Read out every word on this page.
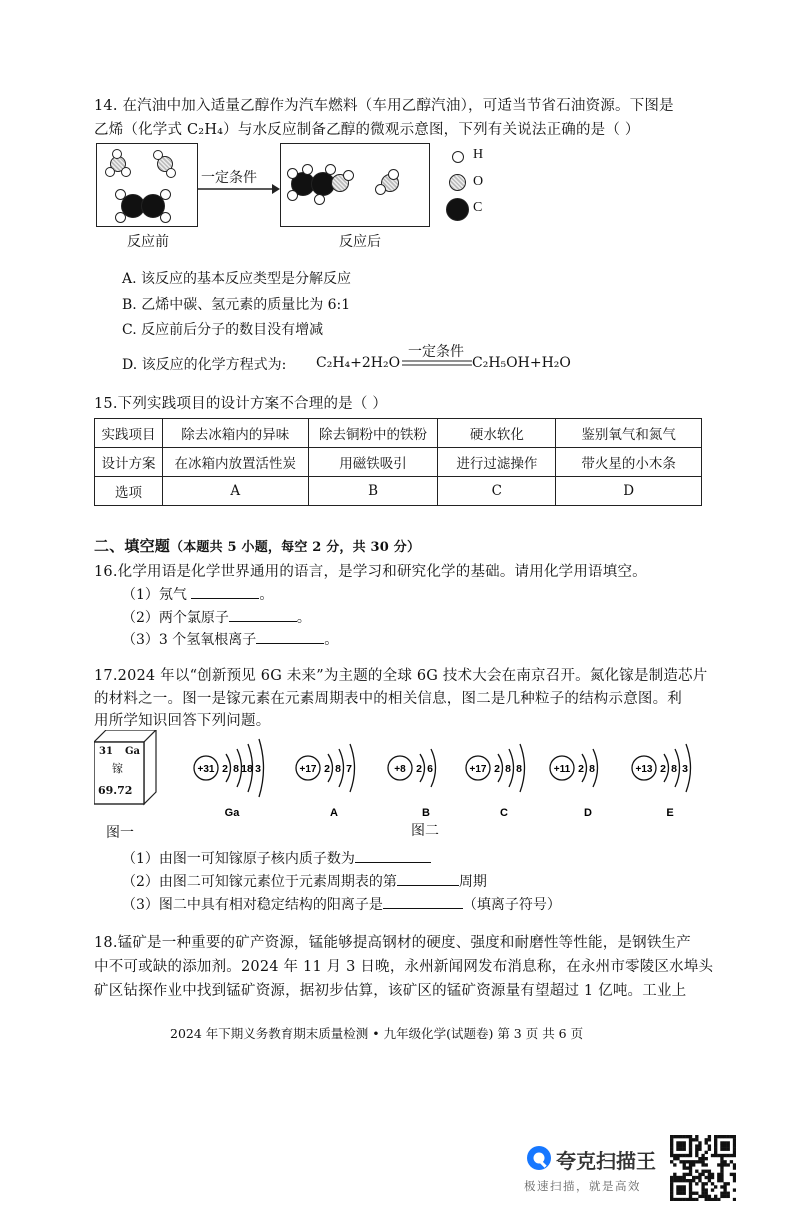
14. 在汽油中加入适量乙醇作为汽车燃料（车用乙醇汽油），可适当节省石油资源。下图是
乙烯（化学式 C₂H₄）与水反应制备乙醇的微观示意图，下列有关说法正确的是（ ）
一定条件
反应前	反应后
H
O
C
A. 该反应的基本反应类型是分解反应
B. 乙烯中碳、氢元素的质量比为 6:1
C. 反应前后分子的数目没有增减
D. 该反应的化学方程式为: C₂H₄+2H₂O
一定条件
C₂H₅OH+H₂O
15.下列实践项目的设计方案不合理的是（ ）
实践项目	除去冰箱内的异味	除去铜粉中的铁粉	硬水软化	鉴别氧气和氮气
设计方案	在冰箱内放置活性炭	用磁铁吸引	进行过滤操作	带火星的小木条
选项	A	B	C	D
二、填空题（本题共 5 小题，每空 2 分，共 30 分）
16.化学用语是化学世界通用的语言，是学习和研究化学的基础。请用化学用语填空。
（1）氖气	。
（2）两个氯原子	。
（3）3 个氢氧根离子	。
17.2024 年以“创新预见 6G 未来”为主题的全球 6G 技术大会在南京召开。氮化镓是制造芯片
的材料之一。图一是镓元素在元素周期表中的相关信息，图二是几种粒子的结构示意图。利
用所学知识回答下列问题。
31 Ga
镓
69.72
+31 2 8 18 3
Ga
+17 2 8 7
A
+8 2 6
B
+17 2 8 8
C
+11 2 8
D
+13 2 8 3
E
图一	图二
（1）由图一可知镓原子核内质子数为
（2）由图二可知镓元素位于元素周期表的第	周期
（3）图二中具有相对稳定结构的阳离子是	（填离子符号）
18.锰矿是一种重要的矿产资源，锰能够提高钢材的硬度、强度和耐磨性等性能，是钢铁生产
中不可或缺的添加剂。2024 年 11 月 3 日晚，永州新闻网发布消息称，在永州市零陵区水埠头
矿区钻探作业中找到锰矿资源，据初步估算，该矿区的锰矿资源量有望超过 1 亿吨。工业上
2024 年下期义务教育期末质量检测 • 九年级化学(试题卷) 第 3 页 共 6 页
夸克扫描王
极速扫描，就是高效
